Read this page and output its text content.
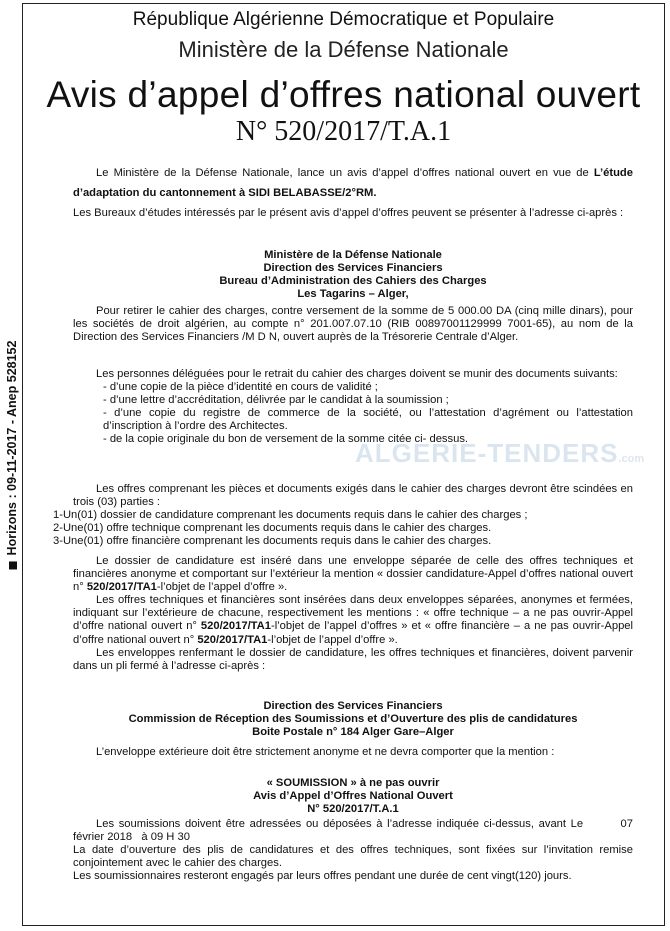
Horizons : 09-11-2017 - Anep 528152
République Algérienne Démocratique et Populaire
Ministère de la Défense Nationale
Avis d’appel d’offres national ouvert
N° 520/2017/T.A.1
ALGERIE-TENDERS.com

Le Ministère de la Défense Nationale, lance un avis d’appel d’offres national ouvert en vue de L’étude d’adaptation du cantonnement à SIDI BELABASSE/2°RM.

Les Bureaux d’études intéressés par le présent avis d’appel d’offres peuvent se présenter à l’adresse ci-après :

Ministère de la Défense Nationale
Direction des Services Financiers
Bureau d’Administration des Cahiers des Charges
Les Tagarins – Alger,

Pour retirer le cahier des charges, contre versement de la somme de 5 000.00 DA (cinq mille dinars), pour les sociétés de droit algérien, au compte n° 201.007.07.10 (RIB 00897001129999 7001-65), au nom de la Direction des Services Financiers /M D N, ouvert auprès de la Trésorerie Centrale d’Alger.

Les personnes déléguées pour le retrait du cahier des charges doivent se munir des documents suivants:

- d’une copie de la pièce d’identité en cours de validité ;

- d’une lettre d’accréditation, délivrée par le candidat à la soumission ;

- d’une copie du registre de commerce de la société, ou l’attestation d’agrément ou l’attestation d’inscription à l’ordre des Architectes.

- de la copie originale du bon de versement de la somme citée ci- dessus.

Les offres comprenant les pièces et documents exigés dans le cahier des charges devront être scindées en trois (03) parties :

1-Un(01) dossier de candidature comprenant les documents requis dans le cahier des charges ;

2-Une(01) offre technique comprenant les documents requis dans le cahier des charges.

3-Une(01) offre financière comprenant les documents requis dans le cahier des charges.

Le dossier de candidature est inséré dans une enveloppe séparée de celle des offres techniques et financières anonyme et comportant sur l’extérieur la mention « dossier candidature-Appel d’offres national ouvert n° 520/2017/TA1-l’objet de l’appel d’offre ».

Les offres techniques et financières sont insérées dans deux enveloppes séparées, anonymes et fermées, indiquant sur l’extérieure de chacune, respectivement les mentions : « offre technique – a ne pas ouvrir-Appel d’offre national ouvert n° 520/2017/TA1-l’objet de l’appel d’offres » et « offre financière – a ne pas ouvrir-Appel d’offre national ouvert n° 520/2017/TA1-l’objet de l’appel d’offre ».

Les enveloppes renfermant le dossier de candidature, les offres techniques et financières, doivent parvenir dans un pli fermé à l’adresse ci-après :

Direction des Services Financiers
Commission de Réception des Soumissions et d’Ouverture des plis de candidatures
Boite Postale n° 184 Alger Gare–Alger

L’enveloppe extérieure doit être strictement anonyme et ne devra comporter que la mention :

« SOUMISSION » à ne pas ouvrir
Avis d’Appel d’Offres National Ouvert
N° 520/2017/T.A.1

Les soumissions doivent être adressées ou déposées à l’adresse indiquée ci-dessus, avant Le        07 février 2018   à 09 H 30

La date d’ouverture des plis de candidatures et des offres techniques, sont fixées sur l’invitation remise conjointement avec le cahier des charges.

Les soumissionnaires resteront engagés par leurs offres pendant une durée de cent vingt(120) jours.
